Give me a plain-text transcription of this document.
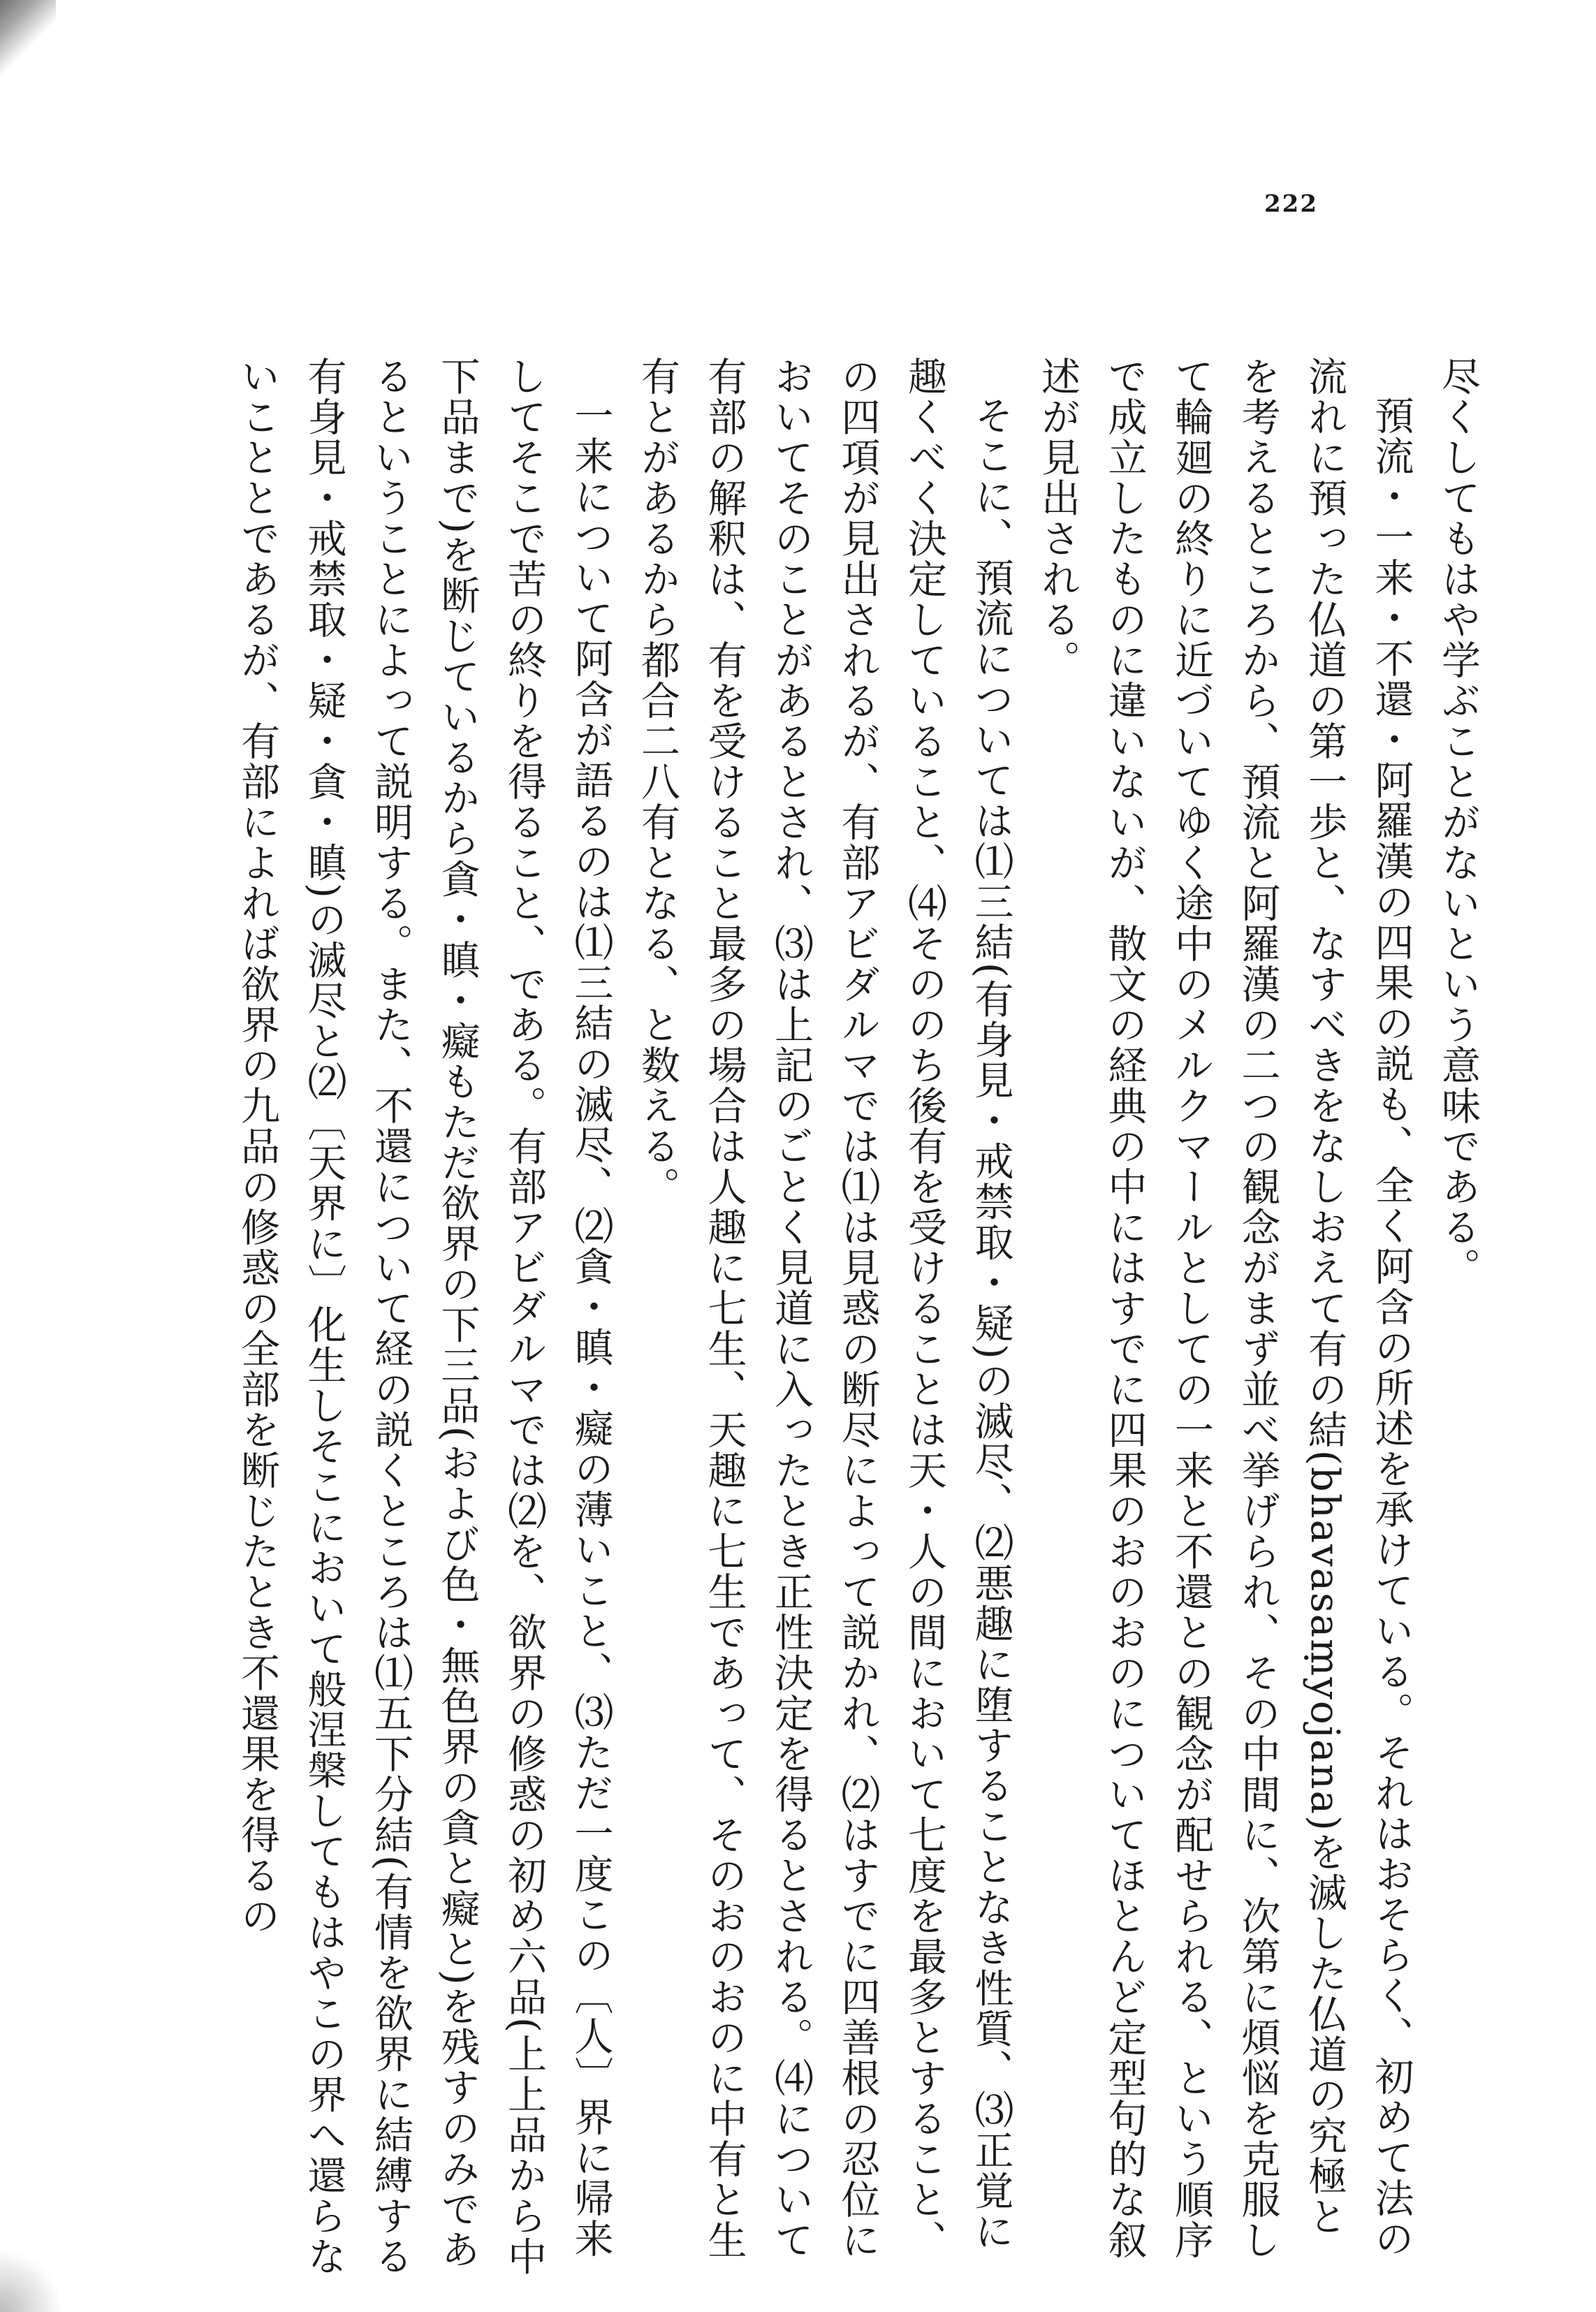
222

尽くしてもはや学ぶことがないという意味である。

預流・一来・不還・阿羅漢の四果の説も、全く阿含の所述を承けている。それはおそらく、初めて法の流れに預った仏道の第一歩と、なすべきをなしおえて有の結(bhavasaṃyojana)を滅した仏道の究極とを考えるところから、預流と阿羅漢の二つの観念がまず並べ挙げられ、その中間に、次第に煩悩を克服して輪廻の終りに近づいてゆく途中のメルクマールとしての一来と不還との観念が配せられる、という順序で成立したものに違いないが、散文の経典の中にはすでに四果のおのおのについてほとんど定型句的な叙述が見出される。

そこに、預流については⑴三結(有身見・戒禁取・疑)の滅尽、⑵悪趣に堕することなき性質、⑶正覚に趣くべく決定していること、⑷そののち後有を受けることは天・人の間において七度を最多とすること、の四項が見出されるが、有部アビダルマでは⑴は見惑の断尽によって説かれ、⑵はすでに四善根の忍位においてそのことがあるとされ、⑶は上記のごとく見道に入ったとき正性決定を得るとされる。⑷について有部の解釈は、有を受けること最多の場合は人趣に七生、天趣に七生であって、そのおのおのに中有と生有とがあるから都合二八有となる、と数える。

一来について阿含が語るのは⑴三結の滅尽、⑵貪・瞋・癡の薄いこと、⑶ただ一度この〔人〕界に帰来してそこで苦の終りを得ること、である。有部アビダルマでは⑵を、欲界の修惑の初め六品(上上品から中下品まで)を断じているから貪・瞋・癡もただ欲界の下三品(および色・無色界の貪と癡と)を残すのみであるということによって説明する。また、不還について経の説くところは⑴五下分結(有情を欲界に結縛する有身見・戒禁取・疑・貪・瞋)の滅尽と⑵〔天界に〕化生しそこにおいて般涅槃してもはやこの界へ還らないこととであるが、有部によれば欲界の九品の修惑の全部を断じたとき不還果を得るの
